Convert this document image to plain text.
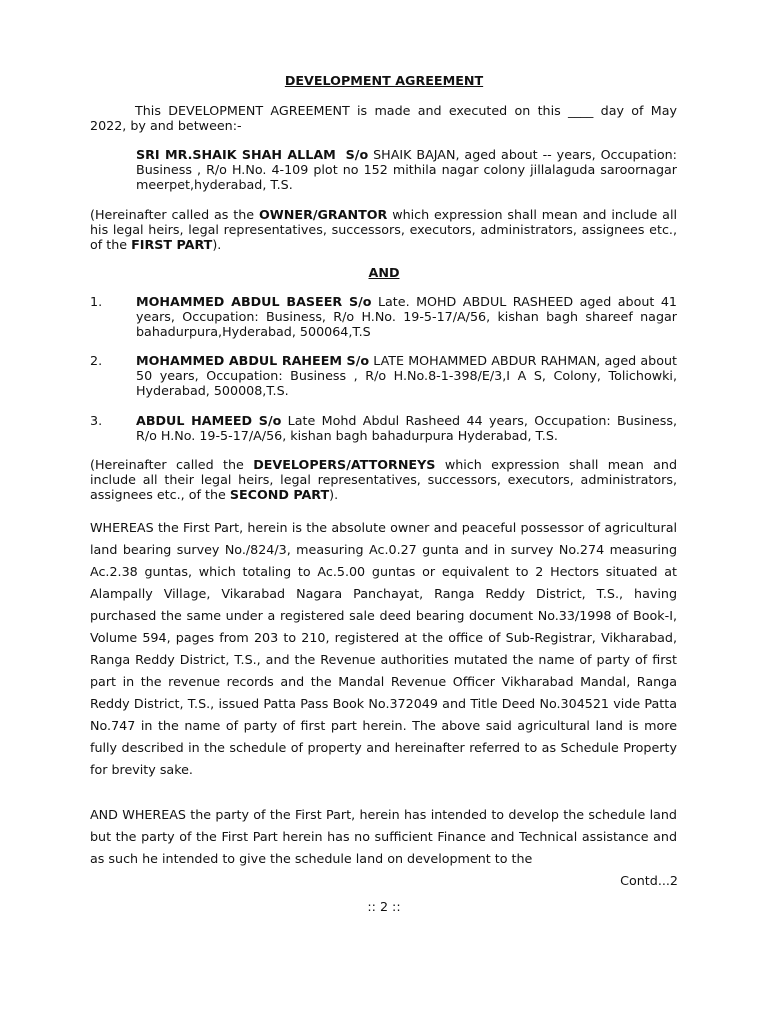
DEVELOPMENT AGREEMENT
This DEVELOPMENT AGREEMENT is made and executed on this ____ day of May 2022, by and between:-
SRI MR.SHAIK SHAH ALLAM S/o SHAIK BAJAN, aged about -- years, Occupation: Business , R/o H.No. 4-109 plot no 152 mithila nagar colony jillalaguda saroornagar meerpet,hyderabad, T.S.
(Hereinafter called as the OWNER/GRANTOR which expression shall mean and include all his legal heirs, legal representatives, successors, executors, administrators, assignees etc., of the FIRST PART).
AND
1.	MOHAMMED ABDUL BASEER S/o Late. MOHD ABDUL RASHEED aged about 41 years, Occupation: Business, R/o H.No. 19-5-17/A/56, kishan bagh shareef nagar bahadurpura,Hyderabad, 500064,T.S
2.	MOHAMMED ABDUL RAHEEM S/o LATE MOHAMMED ABDUR RAHMAN, aged about 50 years, Occupation: Business , R/o H.No.8-1-398/E/3,I A S, Colony, Tolichowki, Hyderabad, 500008,T.S.
3.	ABDUL HAMEED S/o Late Mohd Abdul Rasheed 44 years, Occupation: Business, R/o H.No. 19-5-17/A/56, kishan bagh bahadurpura Hyderabad, T.S.
(Hereinafter called the DEVELOPERS/ATTORNEYS which expression shall mean and include all their legal heirs, legal representatives, successors, executors, administrators, assignees etc., of the SECOND PART).
WHEREAS the First Part, herein is the absolute owner and peaceful possessor of agricultural land bearing survey No./824/3, measuring Ac.0.27 gunta and in survey No.274 measuring Ac.2.38 guntas, which totaling to Ac.5.00 guntas or equivalent to 2 Hectors situated at Alampally Village, Vikarabad Nagara Panchayat, Ranga Reddy District, T.S., having purchased the same under a registered sale deed bearing document No.33/1998 of Book-I, Volume 594, pages from 203 to 210, registered at the office of Sub-Registrar, Vikharabad, Ranga Reddy District, T.S., and the Revenue authorities mutated the name of party of first part in the revenue records and the Mandal Revenue Officer Vikharabad Mandal, Ranga Reddy District, T.S., issued Patta Pass Book No.372049 and Title Deed No.304521 vide Patta No.747 in the name of party of first part herein. The above said agricultural land is more fully described in the schedule of property and hereinafter referred to as Schedule Property for brevity sake.
AND WHEREAS the party of the First Part, herein has intended to develop the schedule land but the party of the First Part herein has no sufficient Finance and Technical assistance and as such he intended to give the schedule land on development to the
Contd...2
:: 2 ::
